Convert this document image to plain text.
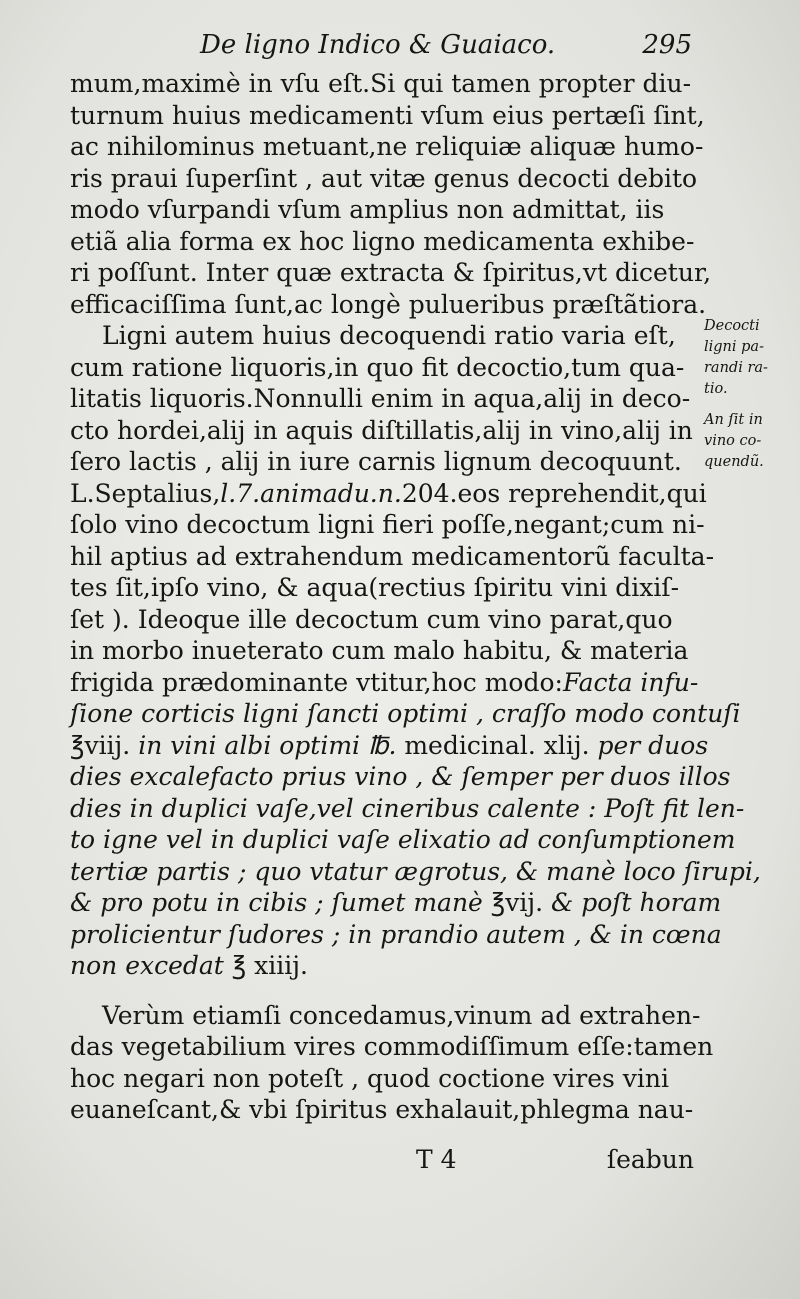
De ligno Indico & Guaiaco.	295
mum,maximè in vſu eſt.Si qui tamen propter diu-
turnum huius medicamenti vſum eius pertæſi ſint,
ac nihilominus metuant,ne reliquiæ aliquæ humo-
ris praui ſuperſint , aut vitæ genus decocti debito
modo vſurpandi vſum amplius non admittat, iis
etiã alia forma ex hoc ligno medicamenta exhibe-
ri poſſunt. Inter quæ extracta & ſpiritus,vt dicetur,
efficaciſſima ſunt,ac longè pulueribus præſtãtiora.
Ligni autem huius decoquendi ratio varia eſt,
cum ratione liquoris,in quo fit decoctio,tum qua-
litatis liquoris.Nonnulli enim in aqua,alij in deco-
cto hordei,alij in aquis diſtillatis,alij in vino,alij in
ſero lactis , alij in iure carnis lignum decoquunt.
L.Septalius,l.7.animadu.n.204.eos reprehendit,qui
ſolo vino decoctum ligni fieri poſſe,negant;cum ni-
hil aptius ad extrahendum medicamentorũ faculta-
tes ſit,ipſo vino, & aqua(rectius ſpiritu vini dixiſ-
ſet ). Ideoque ille decoctum cum vino parat,quo
in morbo inueterato cum malo habitu, & materia
frigida prædominante vtitur,hoc modo:Facta infu-
ſione corticis ligni ſancti optimi , craſſo modo contuſi
℥viij. in vini albi optimi ℔. medicinal. xlij. per duos
dies excalefacto prius vino , & ſemper per duos illos
dies in duplici vaſe,vel cineribus calente : Poſt fit len-
to igne vel in duplici vaſe elixatio ad conſumptionem
tertiæ partis ; quo vtatur ægrotus, & manè loco ſirupi,
& pro potu in cibis ; ſumet manè ℥vij. & poſt horam
prolicientur ſudores ; in prandio autem , & in cœna
non excedat ℥ xiiij.
Verùm etiamſi concedamus,vinum ad extrahen-
das vegetabilium vires commodiſſimum eſſe:tamen
hoc negari non poteſt , quod coctione vires vini
euaneſcant,& vbi ſpiritus exhalauit,phlegma nau-
Decocti
ligni pa-
randi ra-
tio.
An ſit in
vino co-
quendũ.
T 4	ſeabun
